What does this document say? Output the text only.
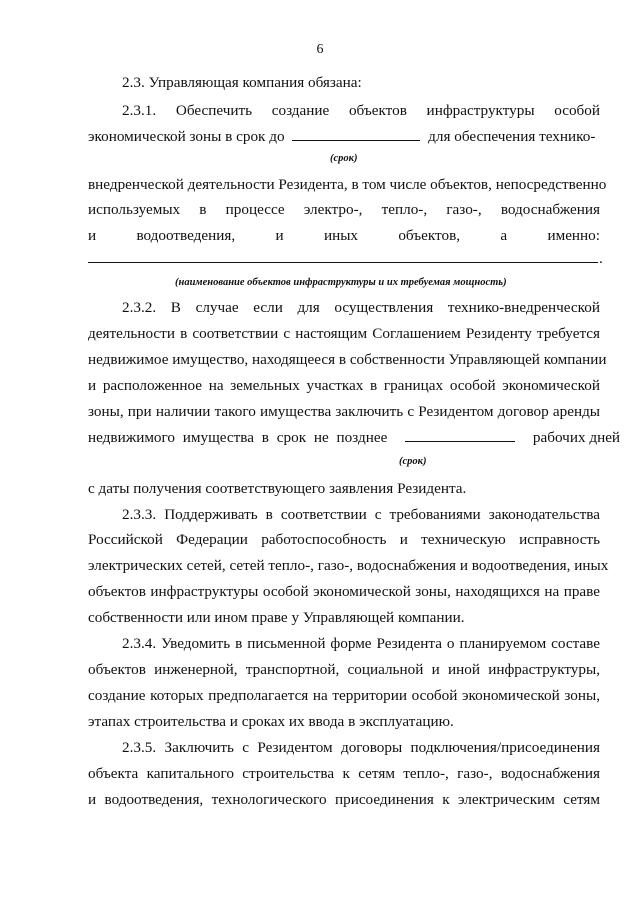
6
2.3. Управляющая компания обязана:
2.3.1. Обеспечить создание объектов инфраструктуры особой
экономической зоны в срок до	для обеспечения технико-
(срок)
внедренческой деятельности Резидента, в том числе объектов, непосредственно
используемых в процессе электро-, тепло-, газо-, водоснабжения
и водоотведения, и иных объектов, а именно:
.
(наименование объектов инфраструктуры и их требуемая мощность)
2.3.2. В случае если для осуществления технико-внедренческой
деятельности в соответствии с настоящим Соглашением Резиденту требуется
недвижимое имущество, находящееся в собственности Управляющей компании
и расположенное на земельных участках в границах особой экономической
зоны, при наличии такого имущества заключить с Резидентом договор аренды
недвижимого имущества в срок не позднее	рабочих дней
(срок)
с даты получения соответствующего заявления Резидента.
2.3.3. Поддерживать в соответствии с требованиями законодательства
Российской Федерации работоспособность и техническую исправность
электрических сетей, сетей тепло-, газо-, водоснабжения и водоотведения, иных
объектов инфраструктуры особой экономической зоны, находящихся на праве
собственности или ином праве у Управляющей компании.
2.3.4. Уведомить в письменной форме Резидента о планируемом составе
объектов инженерной, транспортной, социальной и иной инфраструктуры,
создание которых предполагается на территории особой экономической зоны,
этапах строительства и сроках их ввода в эксплуатацию.
2.3.5. Заключить с Резидентом договоры подключения/присоединения
объекта капитального строительства к сетям тепло-, газо-, водоснабжения
и водоотведения, технологического присоединения к электрическим сетям
